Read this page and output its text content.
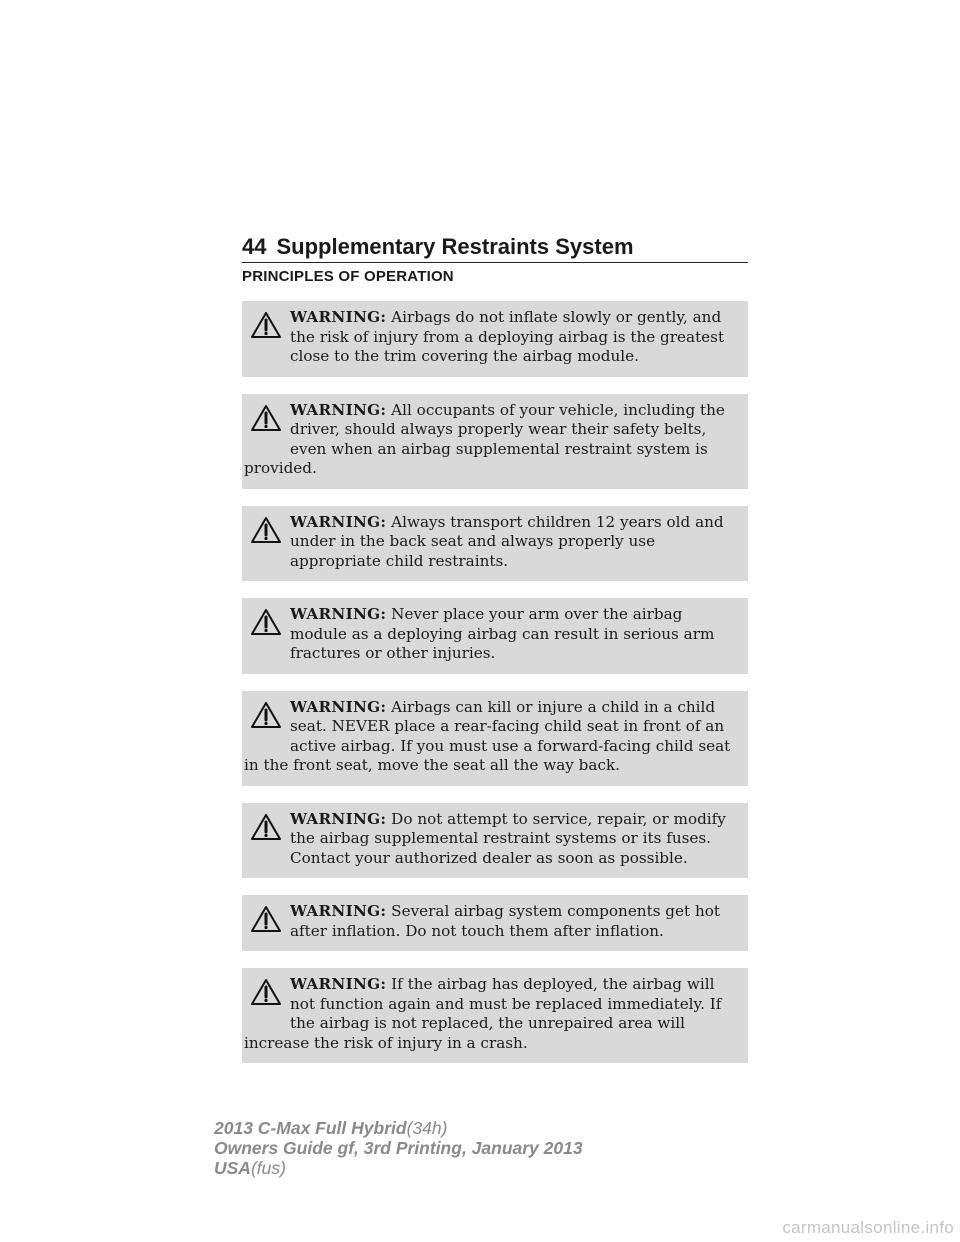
44 Supplementary Restraints System
PRINCIPLES OF OPERATION
WARNING: Airbags do not inflate slowly or gently, and the risk of injury from a deploying airbag is the greatest close to the trim covering the airbag module.
WARNING: All occupants of your vehicle, including the driver, should always properly wear their safety belts, even when an airbag supplemental restraint system is provided.
WARNING: Always transport children 12 years old and under in the back seat and always properly use appropriate child restraints.
WARNING: Never place your arm over the airbag module as a deploying airbag can result in serious arm fractures or other injuries.
WARNING: Airbags can kill or injure a child in a child seat. NEVER place a rear-facing child seat in front of an active airbag. If you must use a forward-facing child seat in the front seat, move the seat all the way back.
WARNING: Do not attempt to service, repair, or modify the airbag supplemental restraint systems or its fuses. Contact your authorized dealer as soon as possible.
WARNING: Several airbag system components get hot after inflation. Do not touch them after inflation.
WARNING: If the airbag has deployed, the airbag will not function again and must be replaced immediately. If the airbag is not replaced, the unrepaired area will increase the risk of injury in a crash.
2013 C-Max Full Hybrid(34h)
Owners Guide gf, 3rd Printing, January 2013
USA(fus)
carmanualsonline.info
